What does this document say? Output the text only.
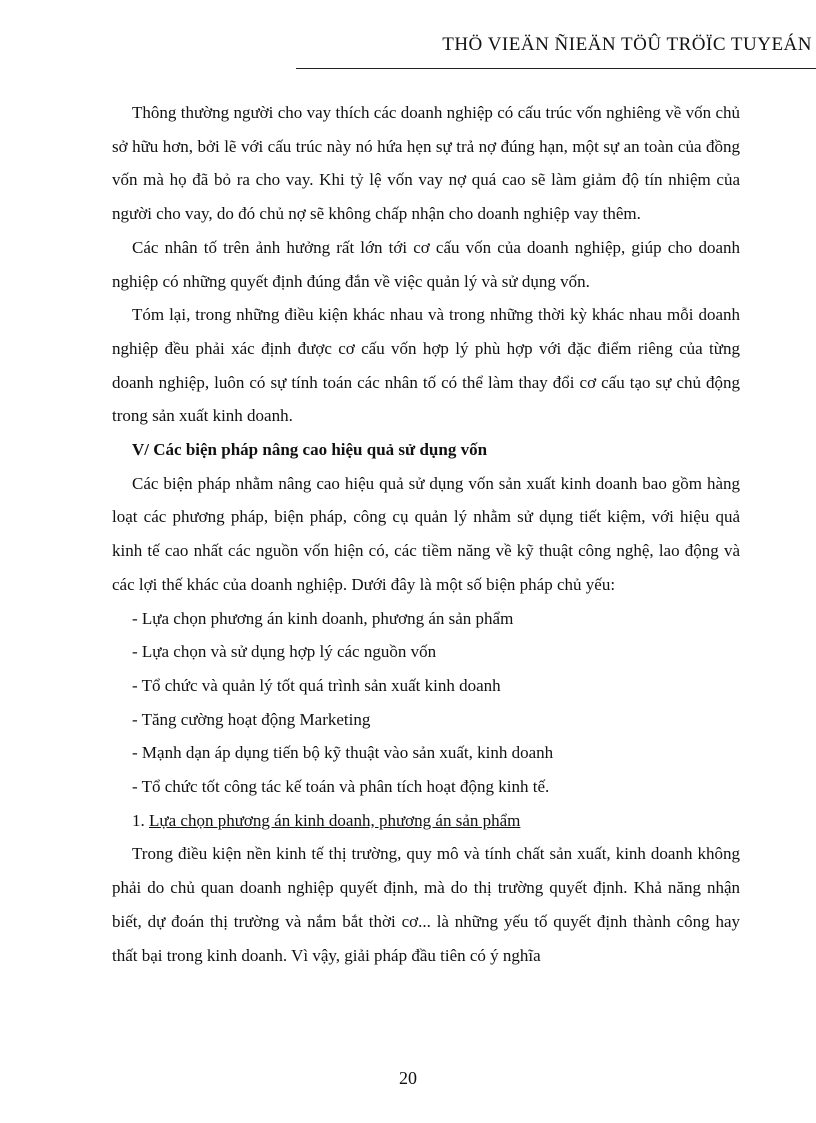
THÖ VIEÄN ÑIEÄN TÖÛ TRÖÏC TUYEÁN

Thông thường người cho vay thích các doanh nghiệp có cấu trúc vốn nghiêng về vốn chủ sở hữu hơn, bởi lẽ với cấu trúc này nó hứa hẹn sự trả nợ đúng hạn, một sự an toàn của đồng vốn mà họ đã bỏ ra cho vay. Khi tỷ lệ vốn vay nợ quá cao sẽ làm giảm độ tín nhiệm của người cho vay, do đó chủ nợ sẽ không chấp nhận cho doanh nghiệp vay thêm.

Các nhân tố trên ảnh hưởng rất lớn tới cơ cấu vốn của doanh nghiệp, giúp cho doanh nghiệp có những quyết định đúng đắn về việc quản lý và sử dụng vốn.

Tóm lại, trong những điều kiện khác nhau và trong những thời kỳ khác nhau mỗi doanh nghiệp đều phải xác định được cơ cấu vốn hợp lý phù hợp với đặc điểm riêng của từng doanh nghiệp, luôn có sự tính toán các nhân tố có thể làm thay đổi cơ cấu tạo sự chủ động trong sản xuất kinh doanh.

V/ Các biện pháp nâng cao hiệu quả sử dụng vốn

Các biện pháp nhằm nâng cao hiệu quả sử dụng vốn sản xuất kinh doanh bao gồm hàng loạt các phương pháp, biện pháp, công cụ quản lý nhằm sử dụng tiết kiệm, với hiệu quả kinh tế cao nhất các nguồn vốn hiện có, các tiềm năng về kỹ thuật công nghệ, lao động và các lợi thế khác của doanh nghiệp. Dưới đây là một số biện pháp chủ yếu:

- Lựa chọn phương án kinh doanh, phương án sản phẩm

- Lựa chọn và sử dụng hợp lý các nguồn vốn

- Tổ chức và quản lý tốt quá trình sản xuất kinh doanh

- Tăng cường hoạt động Marketing

- Mạnh dạn áp dụng tiến bộ kỹ thuật vào sản xuất, kinh doanh

- Tổ chức tốt công tác kế toán và phân tích hoạt động kinh tế.

1. Lựa chọn phương án kinh doanh, phương án sản phẩm

Trong điều kiện nền kinh tế thị trường, quy mô và tính chất sản xuất, kinh doanh không phải do chủ quan doanh nghiệp quyết định, mà do thị trường quyết định. Khả năng nhận biết, dự đoán thị trường và nắm bắt thời cơ... là những yếu tố quyết định thành công hay thất bại trong kinh doanh. Vì vậy, giải pháp đầu tiên có ý nghĩa

20
